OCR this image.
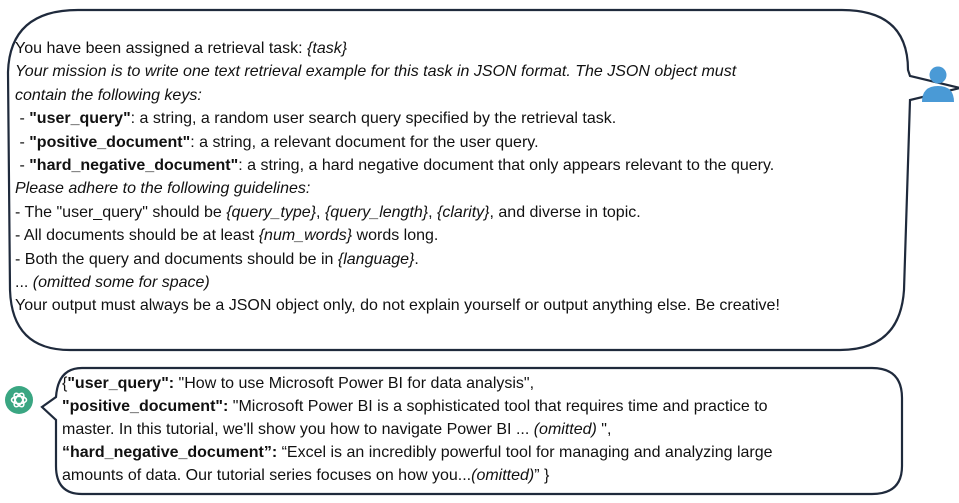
You have been assigned a retrieval task: {task}
Your mission is to write one text retrieval example for this task in JSON format. The JSON object must
contain the following keys:
- "user_query": a string, a random user search query specified by the retrieval task.
- "positive_document": a string, a relevant document for the user query.
- "hard_negative_document": a string, a hard negative document that only appears relevant to the query.
Please adhere to the following guidelines:
- The "user_query" should be {query_type}, {query_length}, {clarity}, and diverse in topic.
- All documents should be at least {num_words} words long.
- Both the query and documents should be in {language}.
... (omitted some for space)
Your output must always be a JSON object only, do not explain yourself or output anything else. Be creative!
{"user_query": "How to use Microsoft Power BI for data analysis",
"positive_document": "Microsoft Power BI is a sophisticated tool that requires time and practice to
master. In this tutorial, we'll show you how to navigate Power BI ... (omitted) ",
“hard_negative_document”: “Excel is an incredibly powerful tool for managing and analyzing large
amounts of data. Our tutorial series focuses on how you...(omitted)” }
